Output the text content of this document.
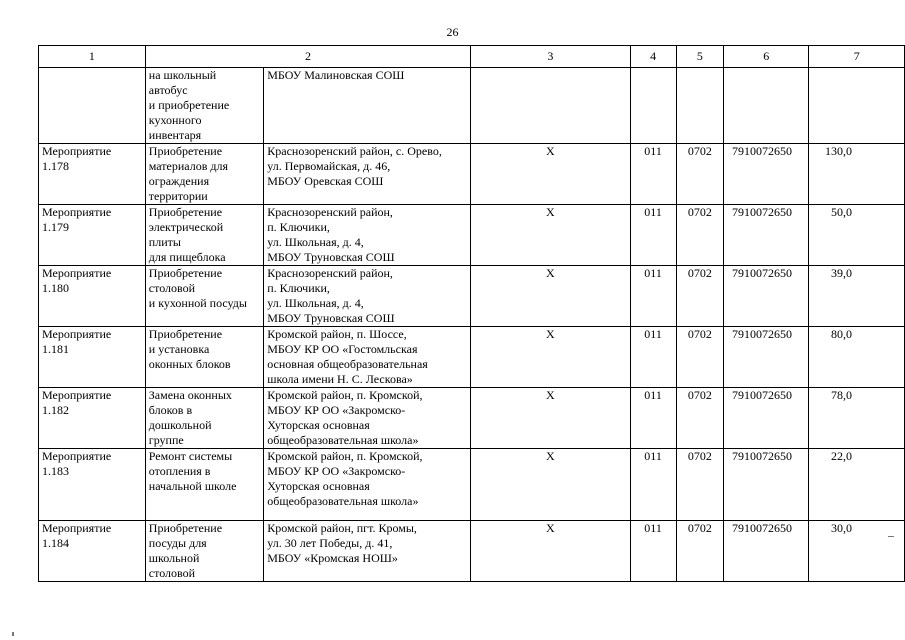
26
1	2		3	4	5	6	7

	на школьный
автобус
и приобретение
кухонного
инвентаря	МБОУ Малиновская СОШ					

Мероприятие
1.178	Приобретение
материалов для
ограждения
территории	Краснозоренский район, с. Орево,
ул. Первомайская, д. 46,
МБОУ Оревская СОШ	Х	011	0702	7910072650	130,0

Мероприятие
1.179	Приобретение
электрической
плиты
для пищеблока	Краснозоренский район,
п. Ключики,
ул. Школьная, д. 4,
МБОУ Труновская СОШ	Х	011	0702	7910072650	50,0

Мероприятие
1.180	Приобретение
столовой
и кухонной посуды	Краснозоренский район,
п. Ключики,
ул. Школьная, д. 4,
МБОУ Труновская СОШ	Х	011	0702	7910072650	39,0

Мероприятие
1.181	Приобретение
и установка
оконных блоков	Кромской район, п. Шоссе,
МБОУ КР ОО «Гостомльская
основная общеобразовательная
школа имени Н. С. Лескова»	Х	011	0702	7910072650	80,0

Мероприятие
1.182	Замена оконных
блоков в
дошкольной
группе	Кромской район, п. Кромской,
МБОУ КР ОО «Закромско-
Хуторская основная
общеобразовательная школа»	Х	011	0702	7910072650	78,0

Мероприятие
1.183	Ремонт системы
отопления в
начальной школе	Кромской район, п. Кромской,
МБОУ КР ОО «Закромско-
Хуторская основная
общеобразовательная школа»	Х	011	0702	7910072650	22,0

Мероприятие
1.184	Приобретение
посуды для
школьной
столовой	Кромской район, пгт. Кромы,
ул. 30 лет Победы, д. 41,
МБОУ «Кромская НОШ»	Х	011	0702	7910072650	30,0
